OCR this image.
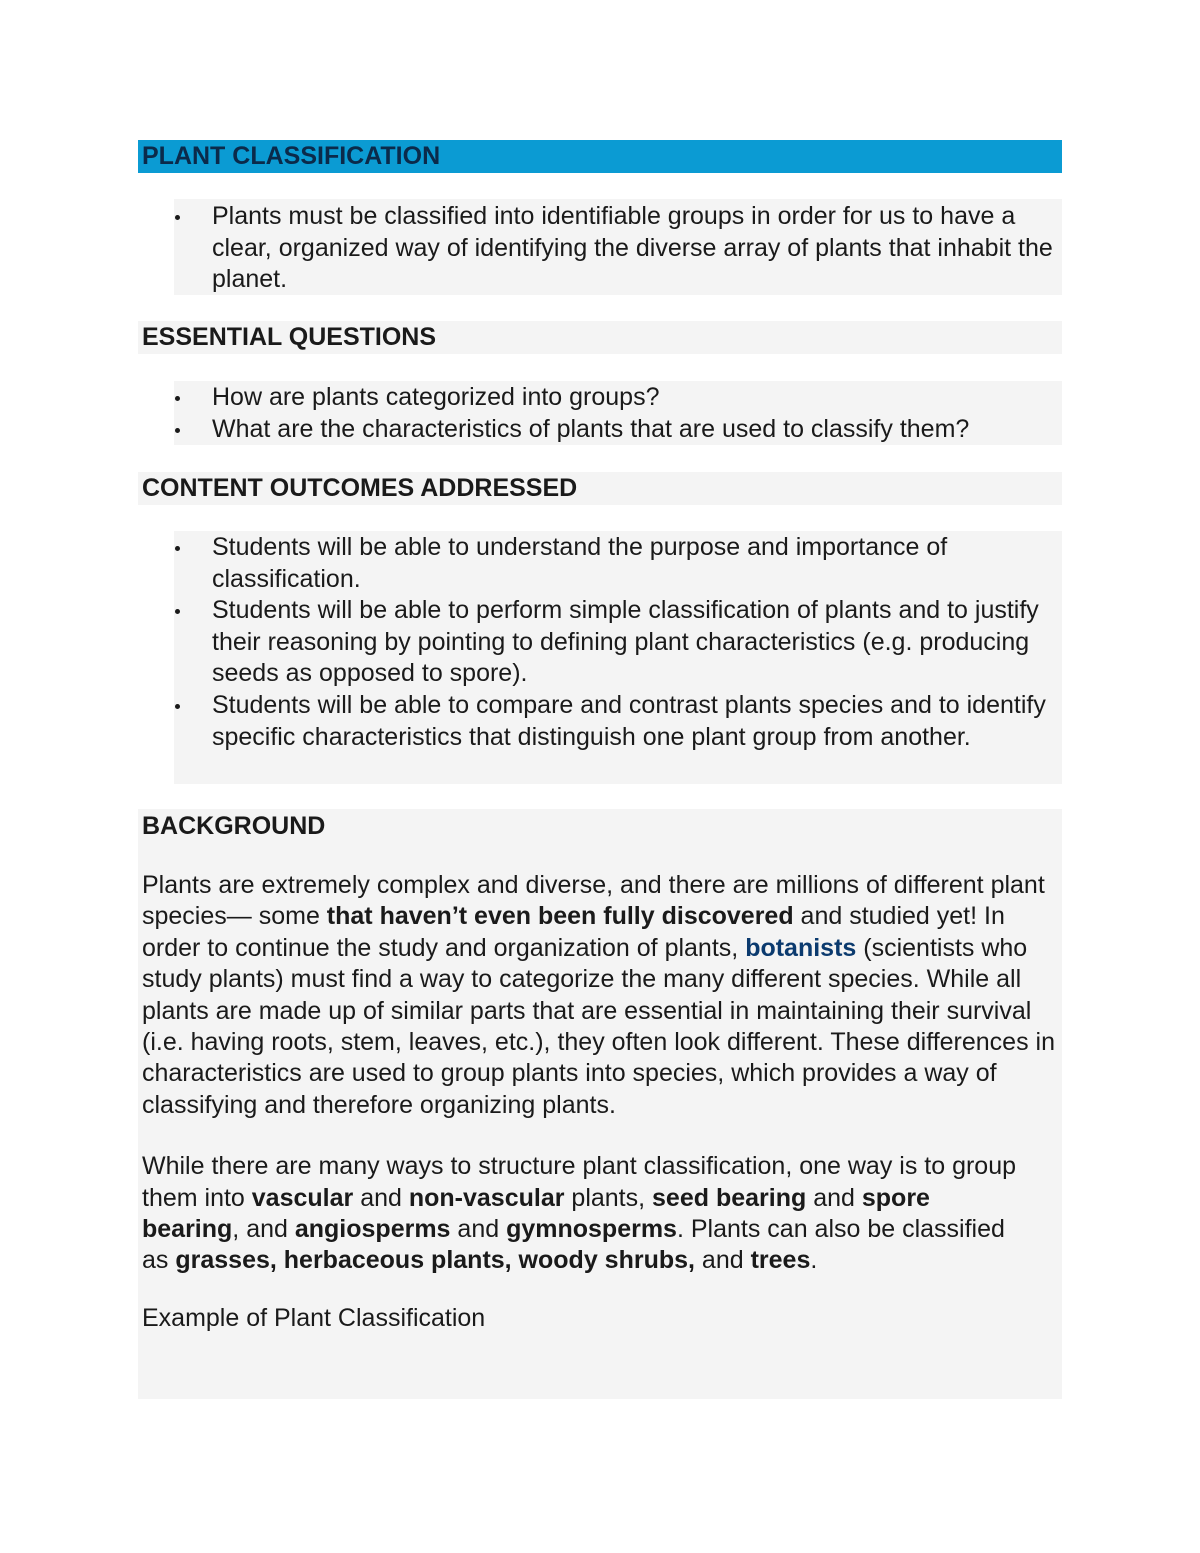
PLANT CLASSIFICATION
Plants must be classified into identifiable groups in order for us to have a clear, organized way of identifying the diverse array of plants that inhabit the planet.
ESSENTIAL QUESTIONS
How are plants categorized into groups?
What are the characteristics of plants that are used to classify them?
CONTENT OUTCOMES ADDRESSED
Students will be able to understand the purpose and importance of classification.
Students will be able to perform simple classification of plants and to justify their reasoning by pointing to defining plant characteristics (e.g. producing seeds as opposed to spore).
Students will be able to compare and contrast plants species and to identify specific characteristics that distinguish one plant group from another.
BACKGROUND
Plants are extremely complex and diverse, and there are millions of different plant species— some that haven’t even been fully discovered and studied yet! In order to continue the study and organization of plants, botanists (scientists who study plants) must find a way to categorize the many different species. While all plants are made up of similar parts that are essential in maintaining their survival (i.e. having roots, stem, leaves, etc.), they often look different. These differences in characteristics are used to group plants into species, which provides a way of classifying and therefore organizing plants.
While there are many ways to structure plant classification, one way is to group them into vascular and non-vascular plants, seed bearing and spore bearing, and angiosperms and gymnosperms. Plants can also be classified as grasses, herbaceous plants, woody shrubs, and trees.
Example of Plant Classification
